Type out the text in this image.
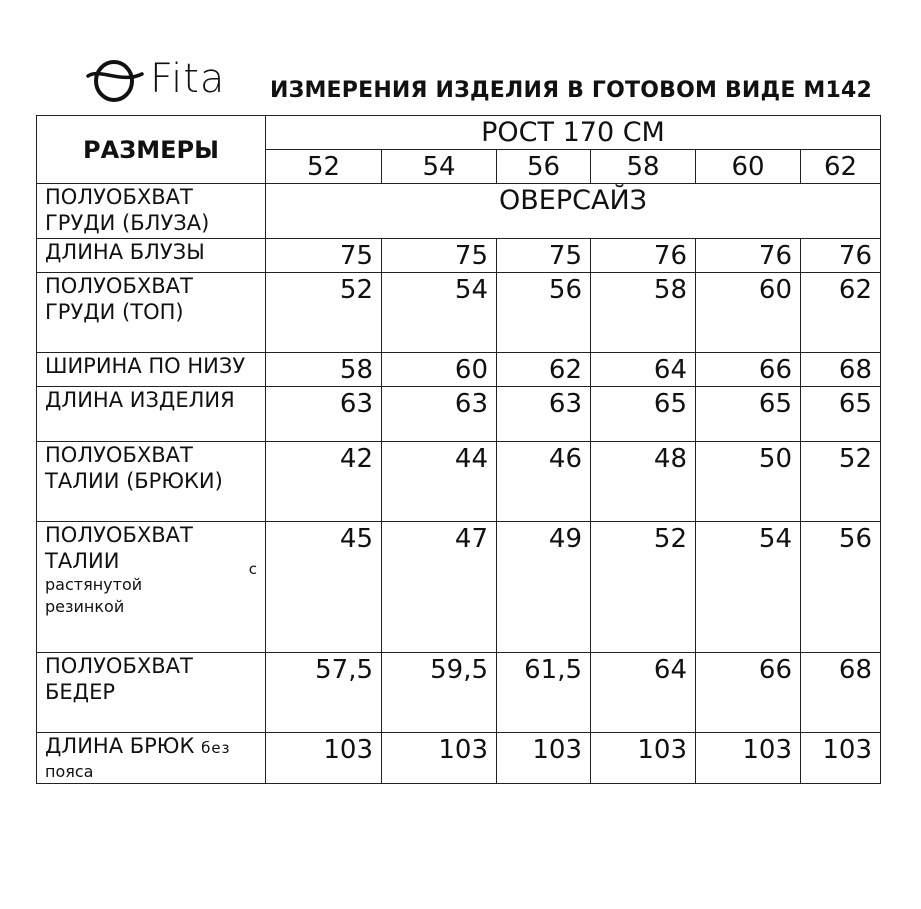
Fita ИЗМЕРЕНИЯ ИЗДЕЛИЯ В ГОТОВОМ ВИДЕ М142
РАЗМЕРЫ	РОСТ 170 СМ					
	52	54	56	58	60	62

ПОЛУОБХВАТ
ГРУДИ (БЛУЗА)	ОВЕРСАЙЗ					

ДЛИНА БЛУЗЫ	75	75	75	76	76	76

ПОЛУОБХВАТ
ГРУДИ (ТОП)	52	54	56	58	60	62

ШИРИНА ПО НИЗУ	58	60	62	64	66	68

ДЛИНА ИЗДЕЛИЯ	63	63	63	65	65	65

ПОЛУОБХВАТ
ТАЛИИ (БРЮКИ)	42	44	46	48	50	52

ПОЛУОБХВАТ
с
ТАЛИИ
растянутой
резинкой	45	47	49	52	54	56

ПОЛУОБХВАТ
БЕДЕР	57,5	59,5	61,5	64	66	68

ДЛИНА БРЮК без
пояса	103	103	103	103	103	103
